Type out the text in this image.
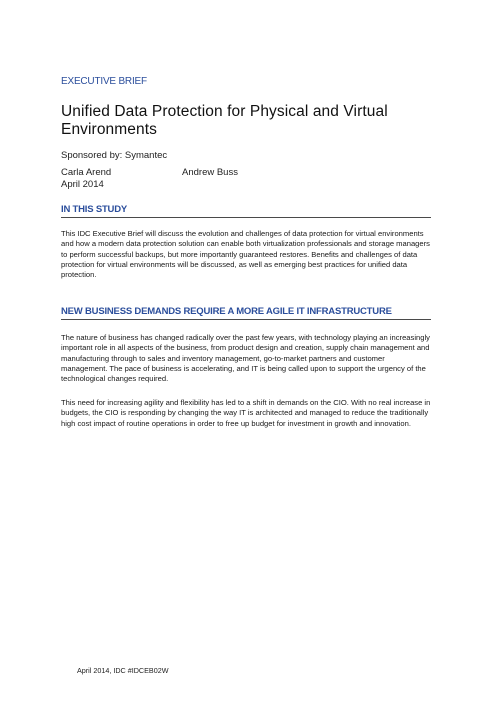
EXECUTIVE BRIEF
Unified Data Protection for Physical and Virtual Environments
Sponsored by: Symantec
Carla Arend	Andrew Buss
April 2014
IN THIS STUDY

This IDC Executive Brief will discuss the evolution and challenges of data protection for virtual environments and how a modern data protection solution can enable both virtualization professionals and storage managers to perform successful backups, but more importantly guaranteed restores. Benefits and challenges of data protection for virtual environments will be discussed, as well as emerging best practices for unified data protection.

NEW BUSINESS DEMANDS REQUIRE A MORE AGILE IT INFRASTRUCTURE

The nature of business has changed radically over the past few years, with technology playing an increasingly important role in all aspects of the business, from product design and creation, supply chain management and manufacturing through to sales and inventory management, go-to-market partners and customer management. The pace of business is accelerating, and IT is being called upon to support the urgency of the technological changes required.

This need for increasing agility and flexibility has led to a shift in demands on the CIO. With no real increase in budgets, the CIO is responding by changing the way IT is architected and managed to reduce the traditionally high cost impact of routine operations in order to free up budget for investment in growth and innovation.

April 2014, IDC #IDCEB02W
